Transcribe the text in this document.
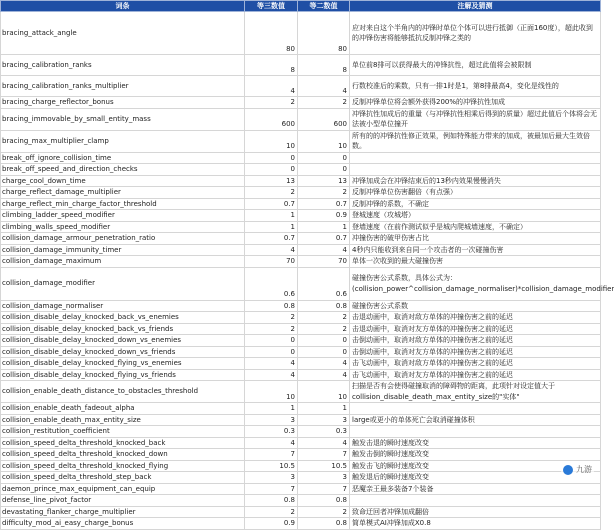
词条	等三数值	等二数值	注解及猜测
bracing_attack_angle	80	80	应对来自这个半角内的冲锋时单位个体可以进行抵御（正面160度），超此收到的冲锋伤害将能够抵抗反制冲锋之类的
bracing_calibration_ranks	8	8	单位前8排可以获得最大的冲锋抗性，超过此值将会被限制
bracing_calibration_ranks_multiplier	4	4	行数校准后的乘数，只有一排1时是1，第8排最高4，变化是线性的
bracing_charge_reflector_bonus	2	2	反制冲锋单位将会额外获得200%的冲锋抗性加成
bracing_immovable_by_small_entity_mass	600	600	冲锋抗性加成后的重量（与冲锋抗性相乘后得到的质量）超过此值后个体将会无法被小型单位撞开
bracing_max_multiplier_clamp	10	10	所有的的冲锋抗性修正效果，例如特殊能力带来的加成，被最加后最大生效倍数。
break_off_ignore_collision_time	0	0	
break_off_speed_and_direction_checks	0	0	
charge_cool_down_time	13	13	冲锋加成会在冲锋结束后的13秒内效果慢慢消失
charge_reflect_damage_multiplier	2	2	反制冲锋单位伤害翻倍（有点强）
charge_reflect_min_charge_factor_threshold	0.7	0.7	反制冲锋的系数，不确定
climbing_ladder_speed_modifier	1	0.9	登城速度（攻城塔）
climbing_walls_speed_modifier	1	1	登墙速度（在前作测试似乎是城内爬城墙速度，不确定）
collision_damage_armour_penetration_ratio	0.7	0.7	冲撞伤害的破甲伤害占比
collision_damage_immunity_timer	4	4	4秒内只能收到来自同一个攻击者的一次碰撞伤害
collision_damage_maximum	70	70	单体一次收到的最大碰撞伤害
collision_damage_modifier	0.6	0.6	碰撞伤害公式系数，具体公式为：(collision_power^collision_damage_normaliser)*collision_damage_modifier
collision_damage_normaliser	0.8	0.8	碰撞伤害公式系数
collision_disable_delay_knocked_back_vs_enemies	2	2	击退动画中，取消对敌方单体的冲撞伤害之前的延迟
collision_disable_delay_knocked_back_vs_friends	2	2	击退动画中，取消对友方单体的冲撞伤害之前的延迟
collision_disable_delay_knocked_down_vs_enemies	0	0	击倒动画中，取消对敌方单体的冲撞伤害之前的延迟
collision_disable_delay_knocked_down_vs_friends	0	0	击倒动画中，取消对友方单体的冲撞伤害之前的延迟
collision_disable_delay_knocked_flying_vs_enemies	4	4	击飞动画中，取消对敌方单体的冲撞伤害之前的延迟
collision_disable_delay_knocked_flying_vs_friends	4	4	击飞动画中，取消对友方单体的冲撞伤害之前的延迟
collision_enable_death_distance_to_obstacles_threshold	10	10	扫描是否有会使得碰撞取消的障碍物的距离，此项针对设定值大于collision_disable_death_max_entity_size的"实体"
collision_enable_death_fadeout_alpha	1	1	
collision_enable_death_max_entity_size	3	3	large或更小的单体死亡会取消碰撞体积
collision_restitution_coefficient	0.3	0.3	
collision_speed_delta_threshold_knocked_back	4	4	触发击退的瞬时速度改变
collision_speed_delta_threshold_knocked_down	7	7	触发击倒的瞬时速度改变
collision_speed_delta_threshold_knocked_flying	10.5	10.5	触发击飞的瞬时速度改变
collision_speed_delta_threshold_step_back	3	3	触发退后的瞬时速度改变
daemon_prince_max_equipment_can_equip	7	7	恶魔亲王最多装备7个装备
defense_line_pivot_factor	0.8	0.8	
devastating_flanker_charge_multiplier	2	2	致命迂回者冲锋加成翻倍
difficulty_mod_ai_easy_charge_bonus	0.9	0.8	简单模式AI冲锋加成X0.8
九游
